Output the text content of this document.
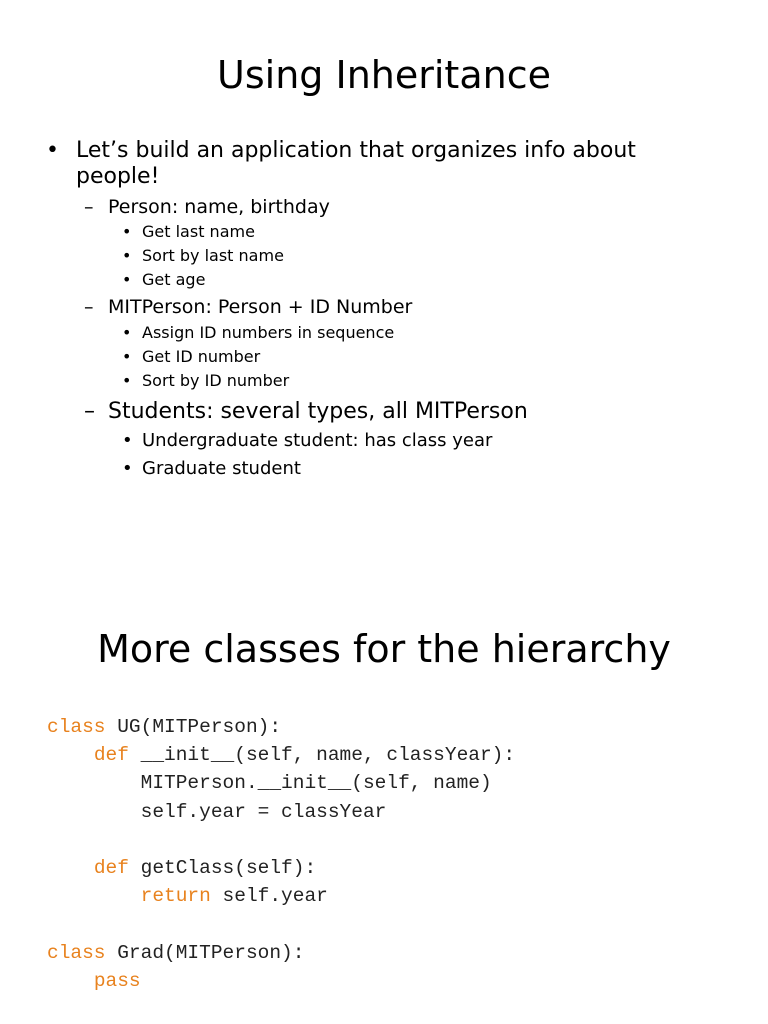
Using Inheritance
• Let’s build an application that organizes info about
people!
– Person: name, birthday
• Get last name
• Sort by last name
• Get age
– MITPerson: Person + ID Number
• Assign ID numbers in sequence
• Get ID number
• Sort by ID number
– Students: several types, all MITPerson
• Undergraduate student: has class year
• Graduate student
More classes for the hierarchy
class UG(MITPerson):
def __init__(self, name, classYear):
MITPerson.__init__(self, name)
self.year = classYear
def getClass(self):
return self.year
class Grad(MITPerson):
pass
